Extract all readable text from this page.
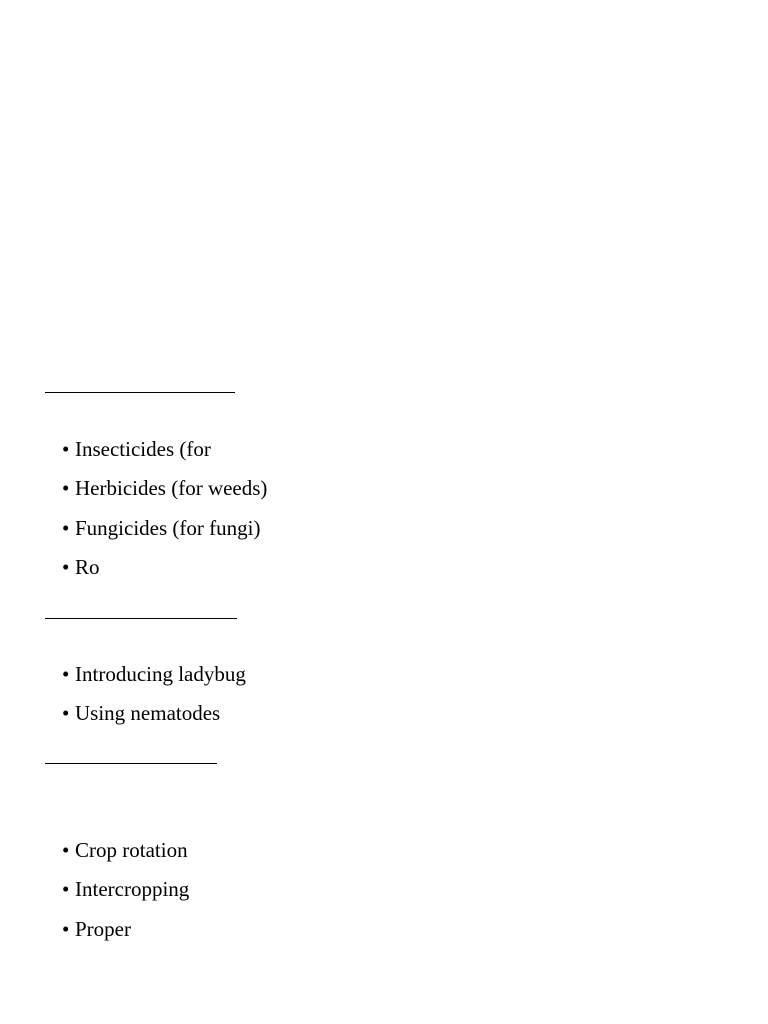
• Insecticides (for
• Herbicides (for weeds)
• Fungicides (for fungi)
• Ro
• Introducing ladybug
• Using nematodes
• Crop rotation
• Intercropping
• Proper
